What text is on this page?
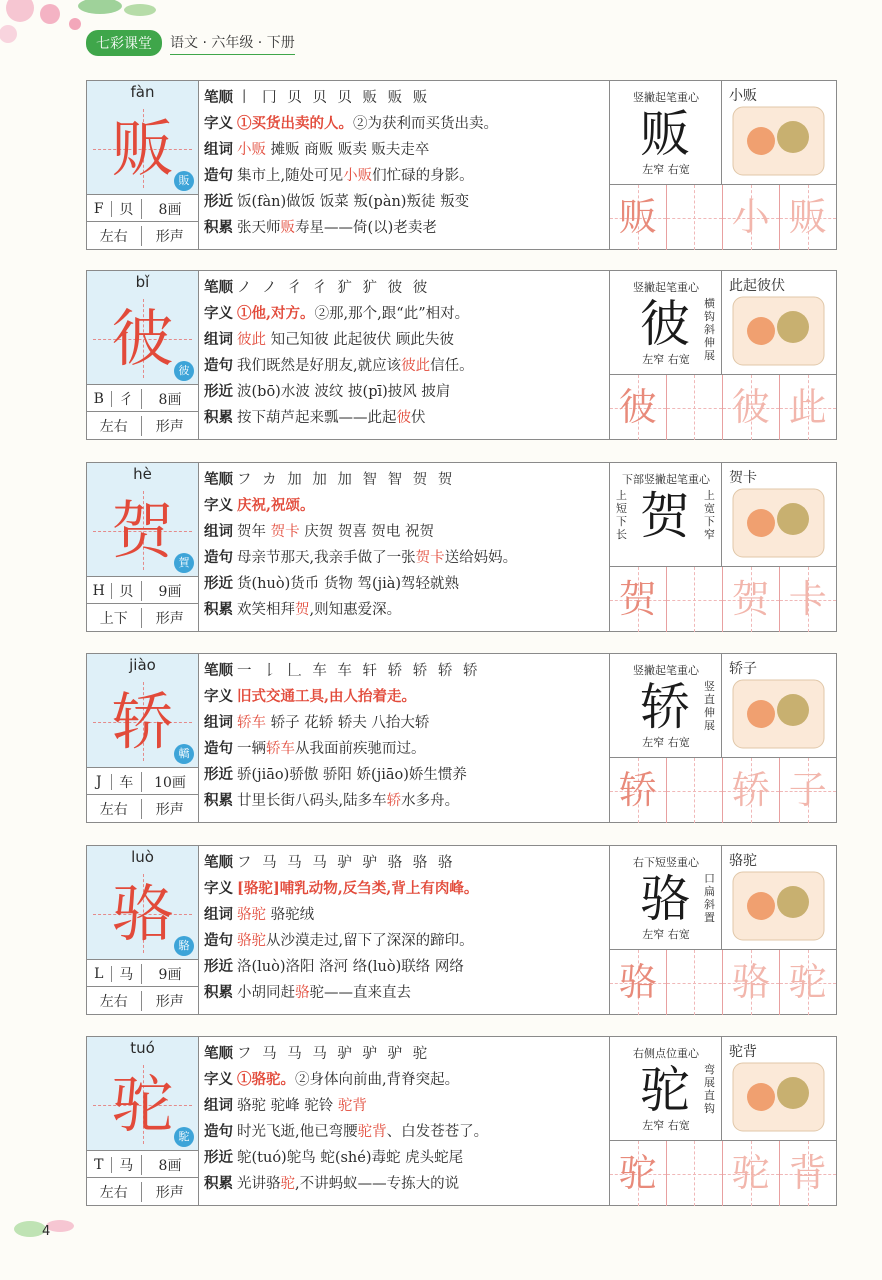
七彩课堂	语文 · 六年级 · 下册
fàn
贩 販
F	贝	8画
左右	形声
笔顺 丨 冂 贝 贝 贝 贩 贩 贩
字义 ①买货出卖的人。②为获利而买货出卖。
组词 小贩 摊贩 商贩 贩卖 贩夫走卒
造句 集市上,随处可见小贩们忙碌的身影。
形近 饭(fàn)做饭 饭菜 叛(pàn)叛徒 叛变
积累 张天师贩寿星——倚(以)老卖老
竖撇起笔重心
贩
左窄 右宽
小贩
贩 小 贩
bǐ
彼 彼
B	彳	8画
左右	形声
笔顺 ノ ノ 彳 彳 犷 犷 彼 彼
字义 ①他,对方。②那,那个,跟“此”相对。
组词 彼此 知己知彼 此起彼伏 顾此失彼
造句 我们既然是好朋友,就应该彼此信任。
形近 波(bō)水波 波纹 披(pī)披风 披肩
积累 按下葫芦起来瓢——此起彼伏
竖撇起笔重心
横钩斜伸展
彼
左窄 右宽
此起彼伏
彼 彼 此
hè
贺 賀
H	贝	9画
上下	形声
笔顺 フ カ 加 加 加 智 智 贺 贺
字义 庆祝,祝颂。
组词 贺年 贺卡 庆贺 贺喜 贺电 祝贺
造句 母亲节那天,我亲手做了一张贺卡送给妈妈。
形近 货(huò)货币 货物 驾(jià)驾轻就熟
积累 欢笑相拜贺,则知惠爱深。
下部竖撇起笔重心
上短下长 贺	上宽下窄
贺卡
贺 贺 卡
jiào
轿 轎
J	车	10画
左右	形声
笔顺 一 𠄌 𠃊 车 车 轩 轿 轿 轿 轿
字义 旧式交通工具,由人抬着走。
组词 轿车 轿子 花轿 轿夫 八抬大轿
造句 一辆轿车从我面前疾驰而过。
形近 骄(jiāo)骄傲 骄阳 娇(jiāo)娇生惯养
积累 廿里长街八码头,陆多车轿水多舟。
竖撇起笔重心
竖直伸展
轿
左窄 右宽
轿子
轿 轿 子
luò
骆 駱
L	马	9画
左右	形声
笔顺 フ 马 马 马 驴 驴 骆 骆 骆
字义 [骆驼]哺乳动物,反刍类,背上有肉峰。
组词 骆驼 骆驼绒
造句 骆驼从沙漠走过,留下了深深的蹄印。
形近 洛(luò)洛阳 洛河 络(luò)联络 网络
积累 小胡同赶骆驼——直来直去
右下短竖重心
口扁斜置
骆
左窄 右宽
骆驼
骆 骆 驼
tuó
驼 駝
T	马	8画
左右	形声
笔顺 フ 马 马 马 驴 驴 驴 驼
字义 ①骆驼。②身体向前曲,背脊突起。
组词 骆驼 驼峰 驼铃 驼背
造句 时光飞逝,他已弯腰驼背、白发苍苍了。
形近 鸵(tuó)鸵鸟 蛇(shé)毒蛇 虎头蛇尾
积累 光讲骆驼,不讲蚂蚁——专拣大的说
右侧点位重心
弯展直钩
驼
左窄 右宽
驼背
驼 驼 背
4
